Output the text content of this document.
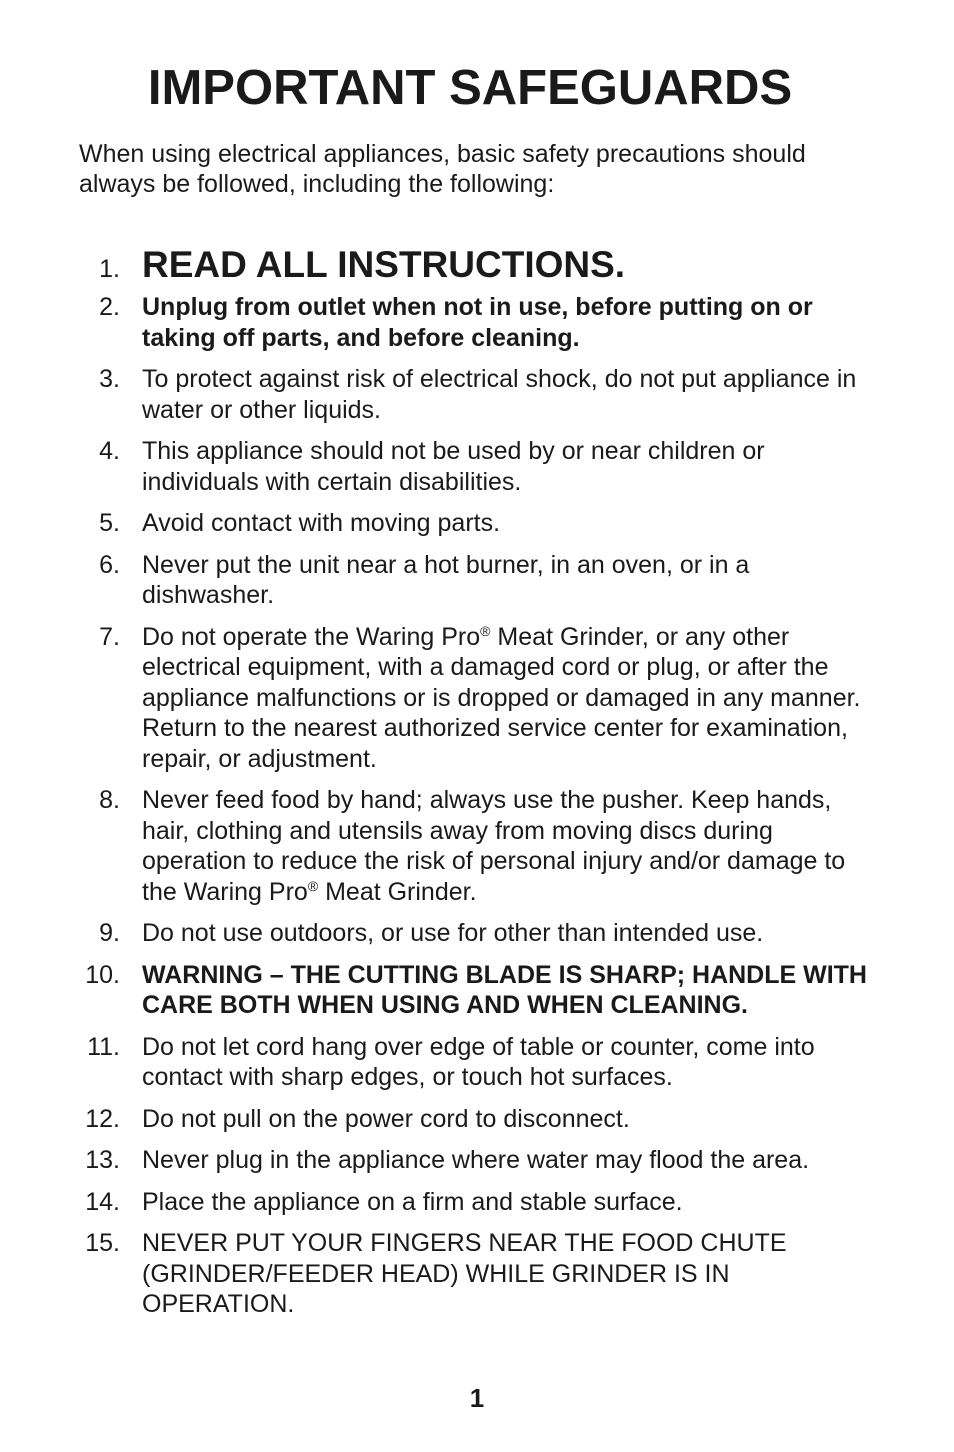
IMPORTANT SAFEGUARDS

When using electrical appliances, basic safety precautions should always be followed, including the following:

1. READ ALL INSTRUCTIONS.
2. Unplug from outlet when not in use, before putting on or taking off parts, and before cleaning.
3. To protect against risk of electrical shock, do not put appliance in water or other liquids.
4. This appliance should not be used by or near children or individuals with certain disabilities.
5. Avoid contact with moving parts.
6. Never put the unit near a hot burner, in an oven, or in a dishwasher.
7. Do not operate the Waring Pro® Meat Grinder, or any other electrical equipment, with a damaged cord or plug, or after the appliance malfunctions or is dropped or damaged in any manner. Return to the nearest authorized service center for examination, repair, or adjustment.
8. Never feed food by hand; always use the pusher. Keep hands, hair, clothing and utensils away from moving discs during operation to reduce the risk of personal injury and/or damage to the Waring Pro® Meat Grinder.
9. Do not use outdoors, or use for other than intended use.
10. WARNING – THE CUTTING BLADE IS SHARP; HANDLE WITH CARE BOTH WHEN USING AND WHEN CLEANING.
11. Do not let cord hang over edge of table or counter, come into contact with sharp edges, or touch hot surfaces.
12. Do not pull on the power cord to disconnect.
13. Never plug in the appliance where water may flood the area.
14. Place the appliance on a firm and stable surface.
15. NEVER PUT YOUR FINGERS NEAR THE FOOD CHUTE (GRINDER/FEEDER HEAD) WHILE GRINDER IS IN OPERATION.
1
